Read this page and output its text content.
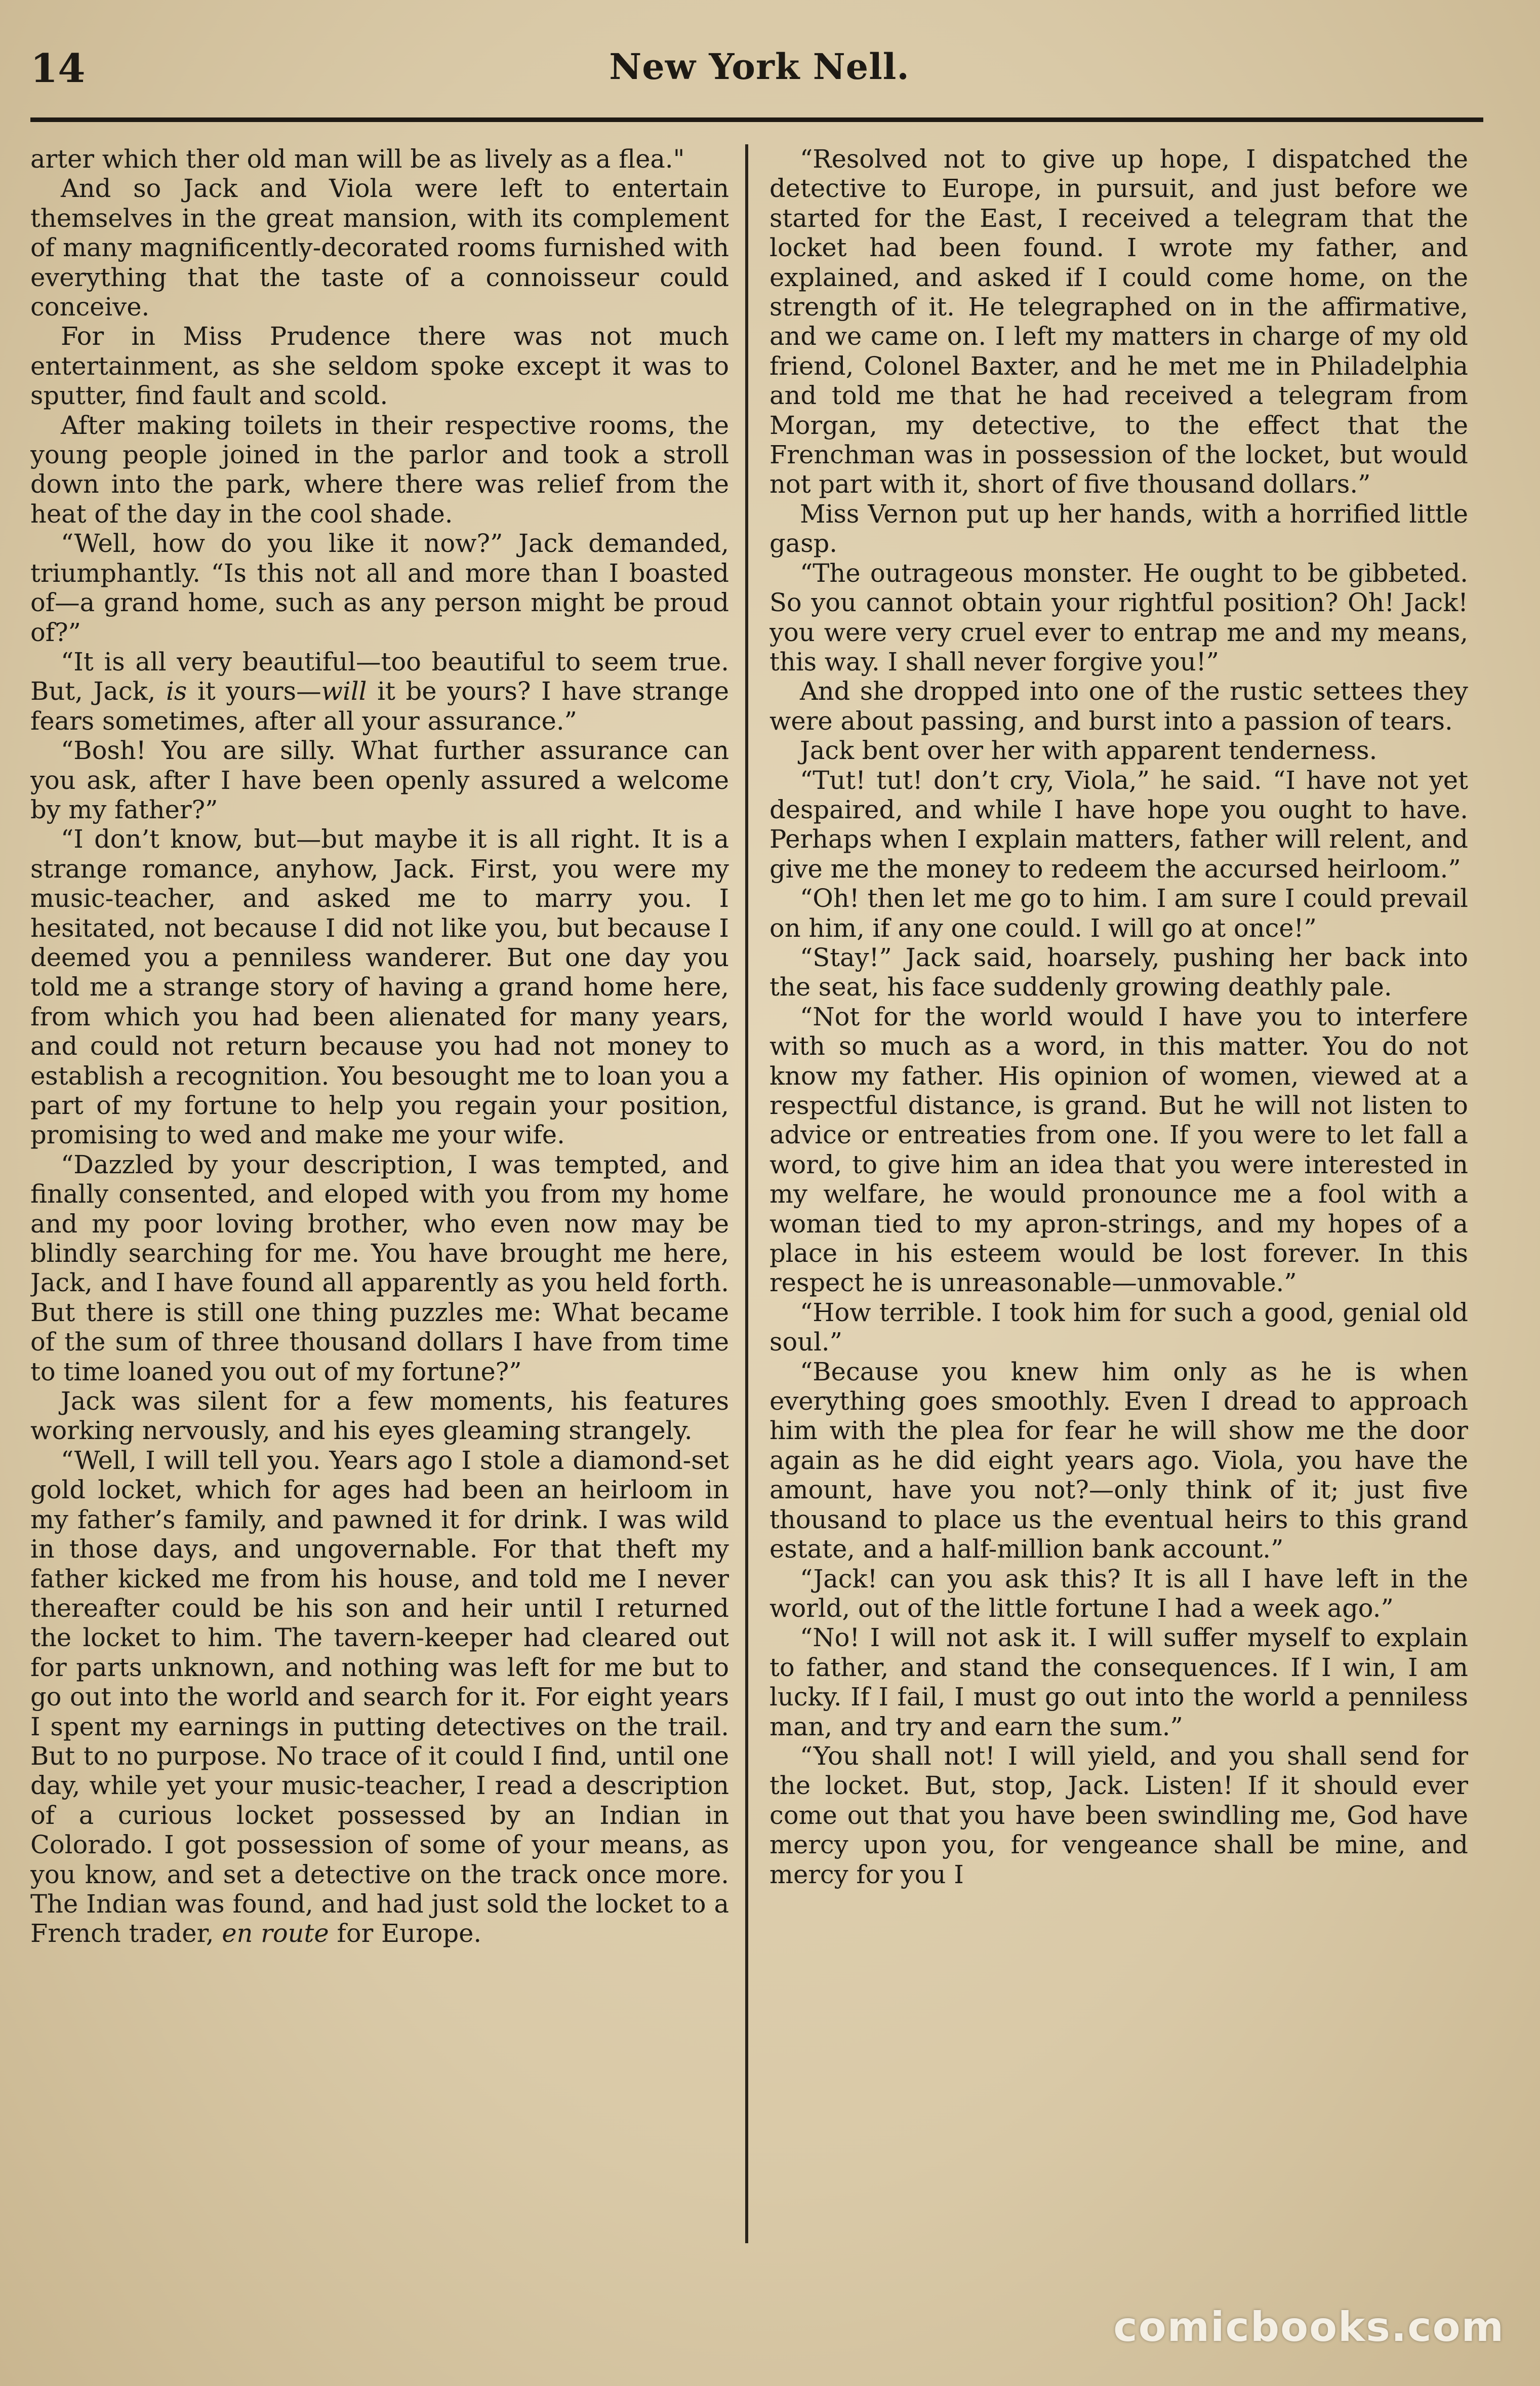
14	New York Nell.

arter which ther old man will be as lively as a flea."

And so Jack and Viola were left to entertain themselves in the great mansion, with its complement of many magnificently-decorated rooms furnished with everything that the taste of a connoisseur could conceive.

For in Miss Prudence there was not much entertainment, as she seldom spoke except it was to sputter, find fault and scold.

After making toilets in their respective rooms, the young people joined in the parlor and took a stroll down into the park, where there was relief from the heat of the day in the cool shade.

“Well, how do you like it now?” Jack demanded, triumphantly. “Is this not all and more than I boasted of—a grand home, such as any person might be proud of?”

“It is all very beautiful—too beautiful to seem true. But, Jack, is it yours—will it be yours? I have strange fears sometimes, after all your assurance.”

“Bosh! You are silly. What further assurance can you ask, after I have been openly assured a welcome by my father?”

“I don’t know, but—but maybe it is all right. It is a strange romance, anyhow, Jack. First, you were my music-teacher, and asked me to marry you. I hesitated, not because I did not like you, but because I deemed you a penniless wanderer. But one day you told me a strange story of having a grand home here, from which you had been alienated for many years, and could not return because you had not money to establish a recognition. You besought me to loan you a part of my fortune to help you regain your position, promising to wed and make me your wife.

“Dazzled by your description, I was tempted, and finally consented, and eloped with you from my home and my poor loving brother, who even now may be blindly searching for me. You have brought me here, Jack, and I have found all apparently as you held forth. But there is still one thing puzzles me: What became of the sum of three thousand dollars I have from time to time loaned you out of my fortune?”

Jack was silent for a few moments, his features working nervously, and his eyes gleaming strangely.

“Well, I will tell you. Years ago I stole a diamond-set gold locket, which for ages had been an heirloom in my father’s family, and pawned it for drink. I was wild in those days, and ungovernable. For that theft my father kicked me from his house, and told me I never thereafter could be his son and heir until I returned the locket to him. The tavern-keeper had cleared out for parts unknown, and nothing was left for me but to go out into the world and search for it. For eight years I spent my earnings in putting detectives on the trail. But to no purpose. No trace of it could I find, until one day, while yet your music-teacher, I read a description of a curious locket possessed by an Indian in Colorado. I got possession of some of your means, as you know, and set a detective on the track once more. The Indian was found, and had just sold the locket to a French trader, en route for Europe.

“Resolved not to give up hope, I dispatched the detective to Europe, in pursuit, and just before we started for the East, I received a telegram that the locket had been found. I wrote my father, and explained, and asked if I could come home, on the strength of it. He telegraphed on in the affirmative, and we came on. I left my matters in charge of my old friend, Colonel Baxter, and he met me in Philadelphia and told me that he had received a telegram from Morgan, my detective, to the effect that the Frenchman was in possession of the locket, but would not part with it, short of five thousand dollars.”

Miss Vernon put up her hands, with a horrified little gasp.

“The outrageous monster. He ought to be gibbeted. So you cannot obtain your rightful position? Oh! Jack! you were very cruel ever to entrap me and my means, this way. I shall never forgive you!”

And she dropped into one of the rustic settees they were about passing, and burst into a passion of tears.

Jack bent over her with apparent tenderness.

“Tut! tut! don’t cry, Viola,” he said. “I have not yet despaired, and while I have hope you ought to have. Perhaps when I explain matters, father will relent, and give me the money to redeem the accursed heirloom.”

“Oh! then let me go to him. I am sure I could prevail on him, if any one could. I will go at once!”

“Stay!” Jack said, hoarsely, pushing her back into the seat, his face suddenly growing deathly pale.

“Not for the world would I have you to interfere with so much as a word, in this matter. You do not know my father. His opinion of women, viewed at a respectful distance, is grand. But he will not listen to advice or entreaties from one. If you were to let fall a word, to give him an idea that you were interested in my welfare, he would pronounce me a fool with a woman tied to my apron-strings, and my hopes of a place in his esteem would be lost forever. In this respect he is unreasonable—unmovable.”

“How terrible. I took him for such a good, genial old soul.”

“Because you knew him only as he is when everything goes smoothly. Even I dread to approach him with the plea for fear he will show me the door again as he did eight years ago. Viola, you have the amount, have you not?—only think of it; just five thousand to place us the eventual heirs to this grand estate, and a half-million bank account.”

“Jack! can you ask this? It is all I have left in the world, out of the little fortune I had a week ago.”

“No! I will not ask it. I will suffer myself to explain to father, and stand the consequences. If I win, I am lucky. If I fail, I must go out into the world a penniless man, and try and earn the sum.”

“You shall not! I will yield, and you shall send for the locket. But, stop, Jack. Listen! If it should ever come out that you have been swindling me, God have mercy upon you, for vengeance shall be mine, and mercy for you I

comicbooks.com
